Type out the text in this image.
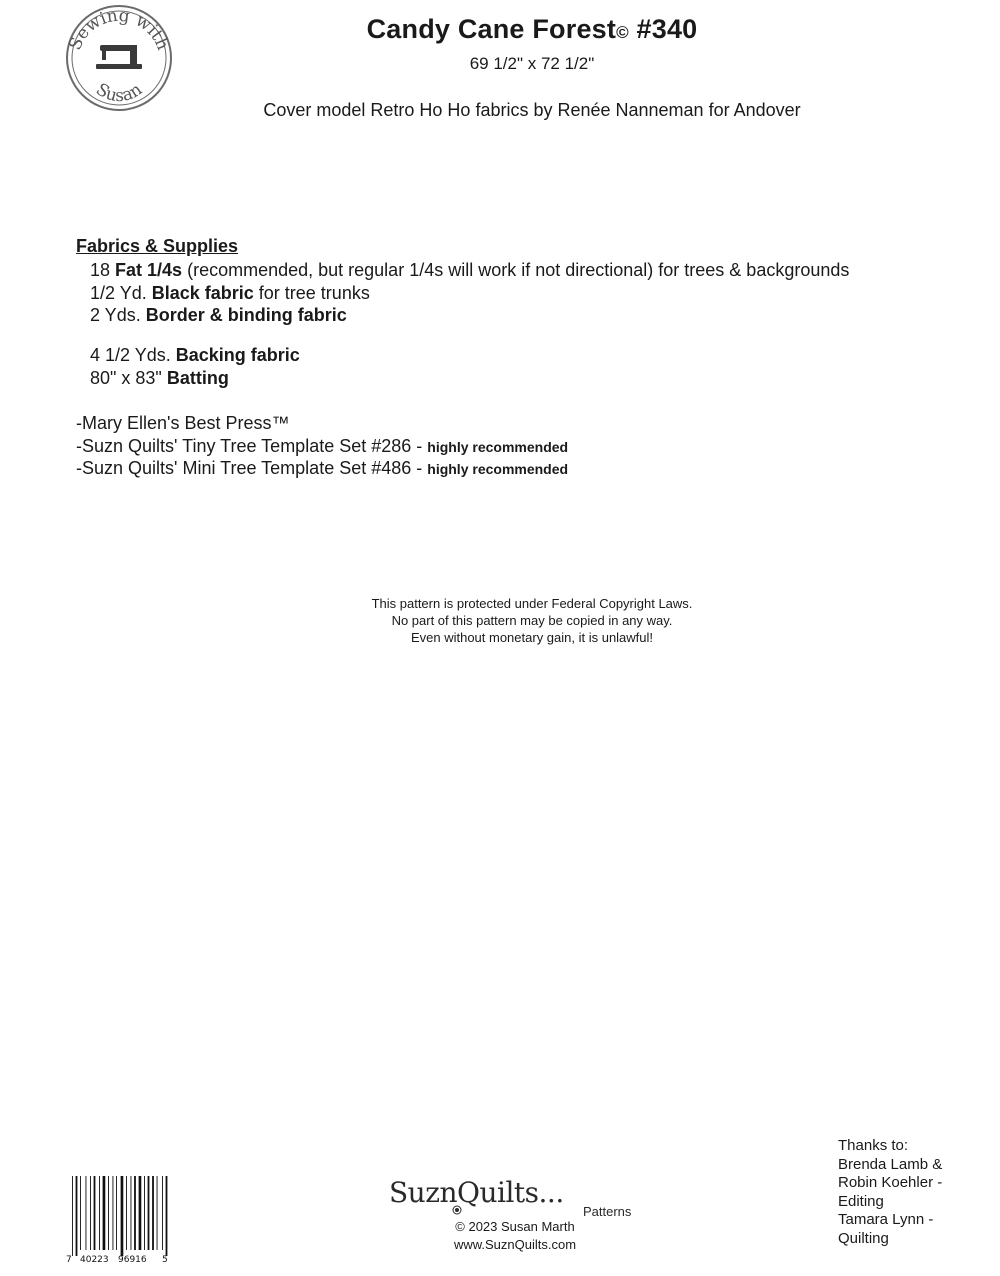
Sewing with
Susan
Candy Cane Forest© #340
69 1/2" x 72 1/2"
Cover model Retro Ho Ho fabrics by Renée Nanneman for Andover
Fabrics & Supplies
18 Fat 1/4s (recommended, but regular 1/4s will work if not directional) for trees & backgrounds
1/2 Yd. Black fabric for tree trunks
2 Yds. Border & binding fabric
4 1/2 Yds. Backing fabric
80" x 83" Batting
-Mary Ellen's Best Press™
-Suzn Quilts' Tiny Tree Template Set #286 - highly recommended
-Suzn Quilts' Mini Tree Template Set #486 - highly recommended
This pattern is protected under Federal Copyright Laws.
No part of this pattern may be copied in any way.
Even without monetary gain, it is unlawful!
7 40223 96916 5
SuznQuilts...
Patterns
© 2023 Susan Marth
www.SuznQuilts.com
Thanks to:
Brenda Lamb &
Robin Koehler -
Editing
Tamara Lynn -
Quilting
